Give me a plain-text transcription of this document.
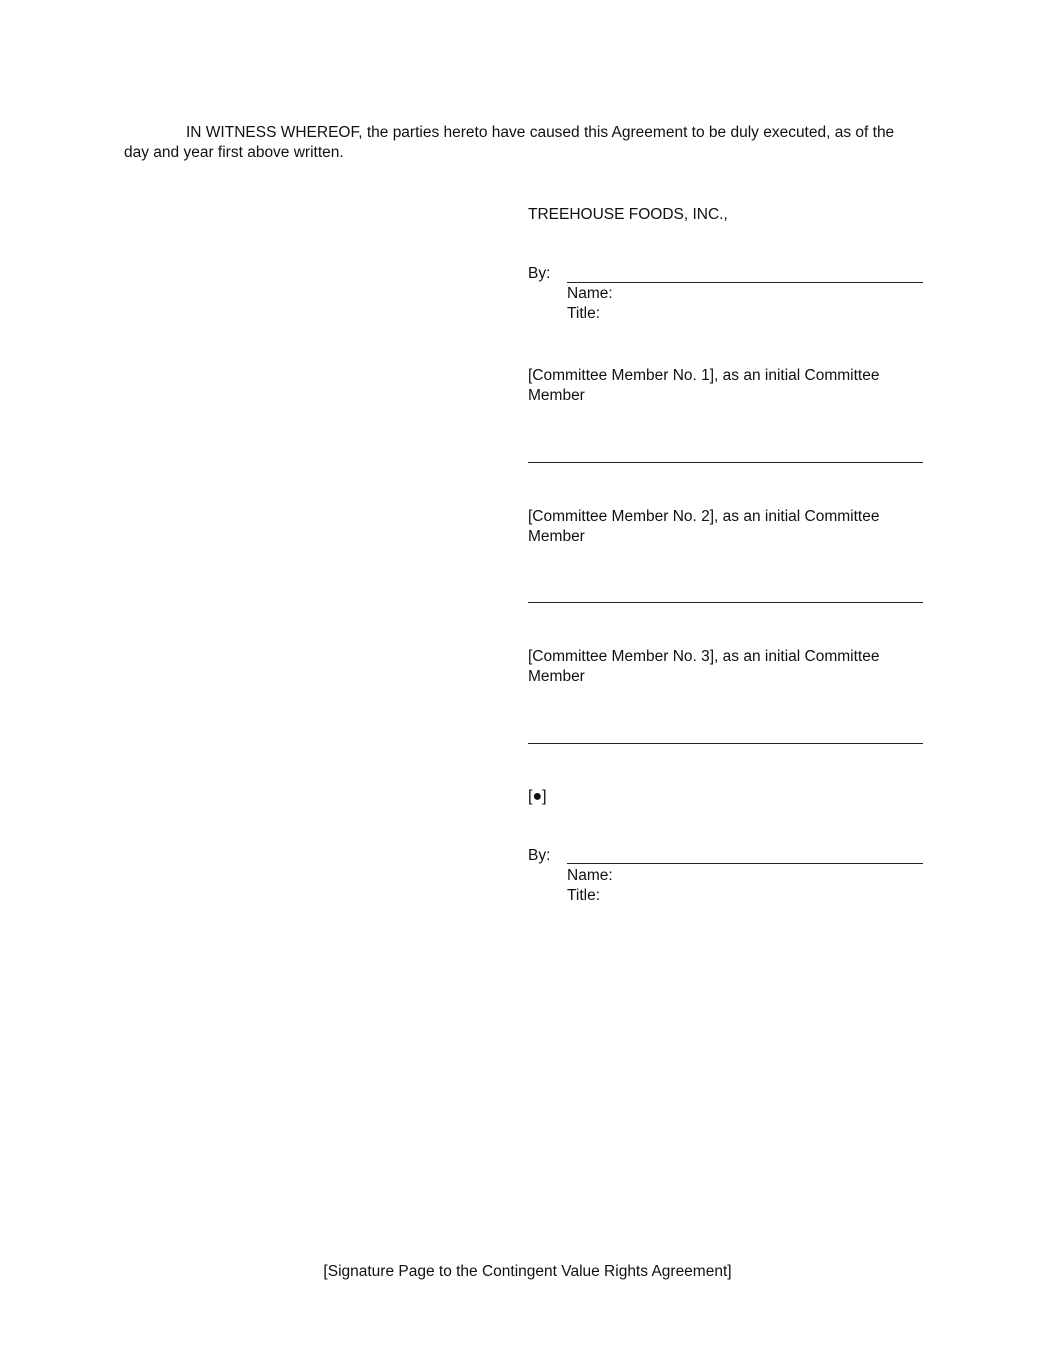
IN WITNESS WHEREOF, the parties hereto have caused this Agreement to be duly executed, as of the
day and year first above written.
TREEHOUSE FOODS, INC.,
By:
Name:
Title:
[Committee Member No. 1], as an initial Committee
Member
[Committee Member No. 2], as an initial Committee
Member
[Committee Member No. 3], as an initial Committee
Member
[●]
By:
Name:
Title:
[Signature Page to the Contingent Value Rights Agreement]
